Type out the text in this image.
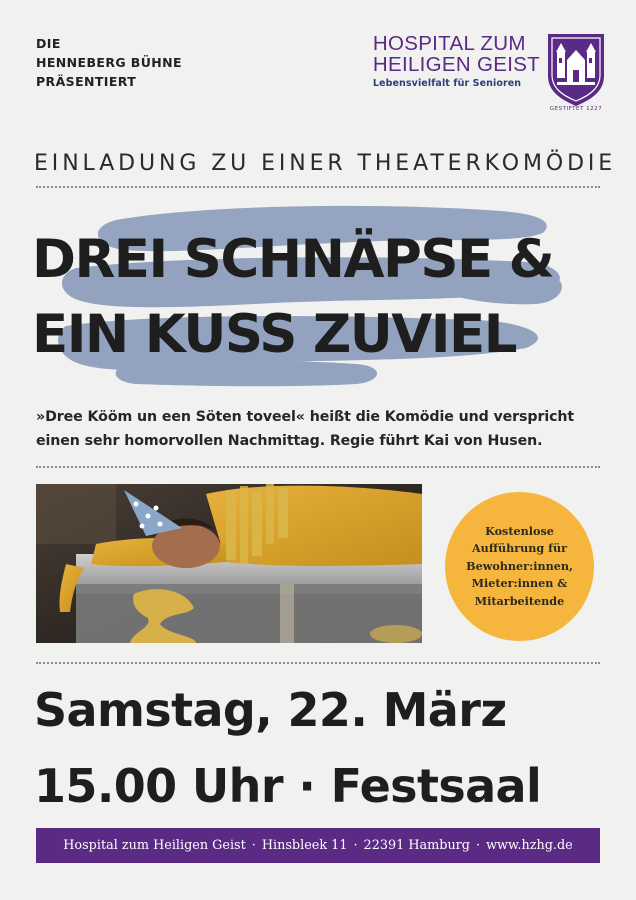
DIE
HENNEBERG BÜHNE
PRÄSENTIERT
HOSPITAL ZUM
HEILIGEN GEIST
Lebensvielfalt für Senioren
GESTIFTET 1227
EINLADUNG ZU EINER THEATERKOMÖDIE
DREI SCHNÄPSE &
EIN KUSS ZUVIEL
»Dree Kööm un een Söten toveel« heißt die Komödie und verspricht
einen sehr homorvollen Nachmittag. Regie führt Kai von Husen.
Kostenlose
Aufführung für
Bewohner:innen,
Mieter:innen &
Mitarbeitende
Samstag, 22. März
15.00 Uhr · Festsaal
Hospital zum Heiligen Geist · Hinsbleek 11 · 22391 Hamburg · www.hzhg.de
